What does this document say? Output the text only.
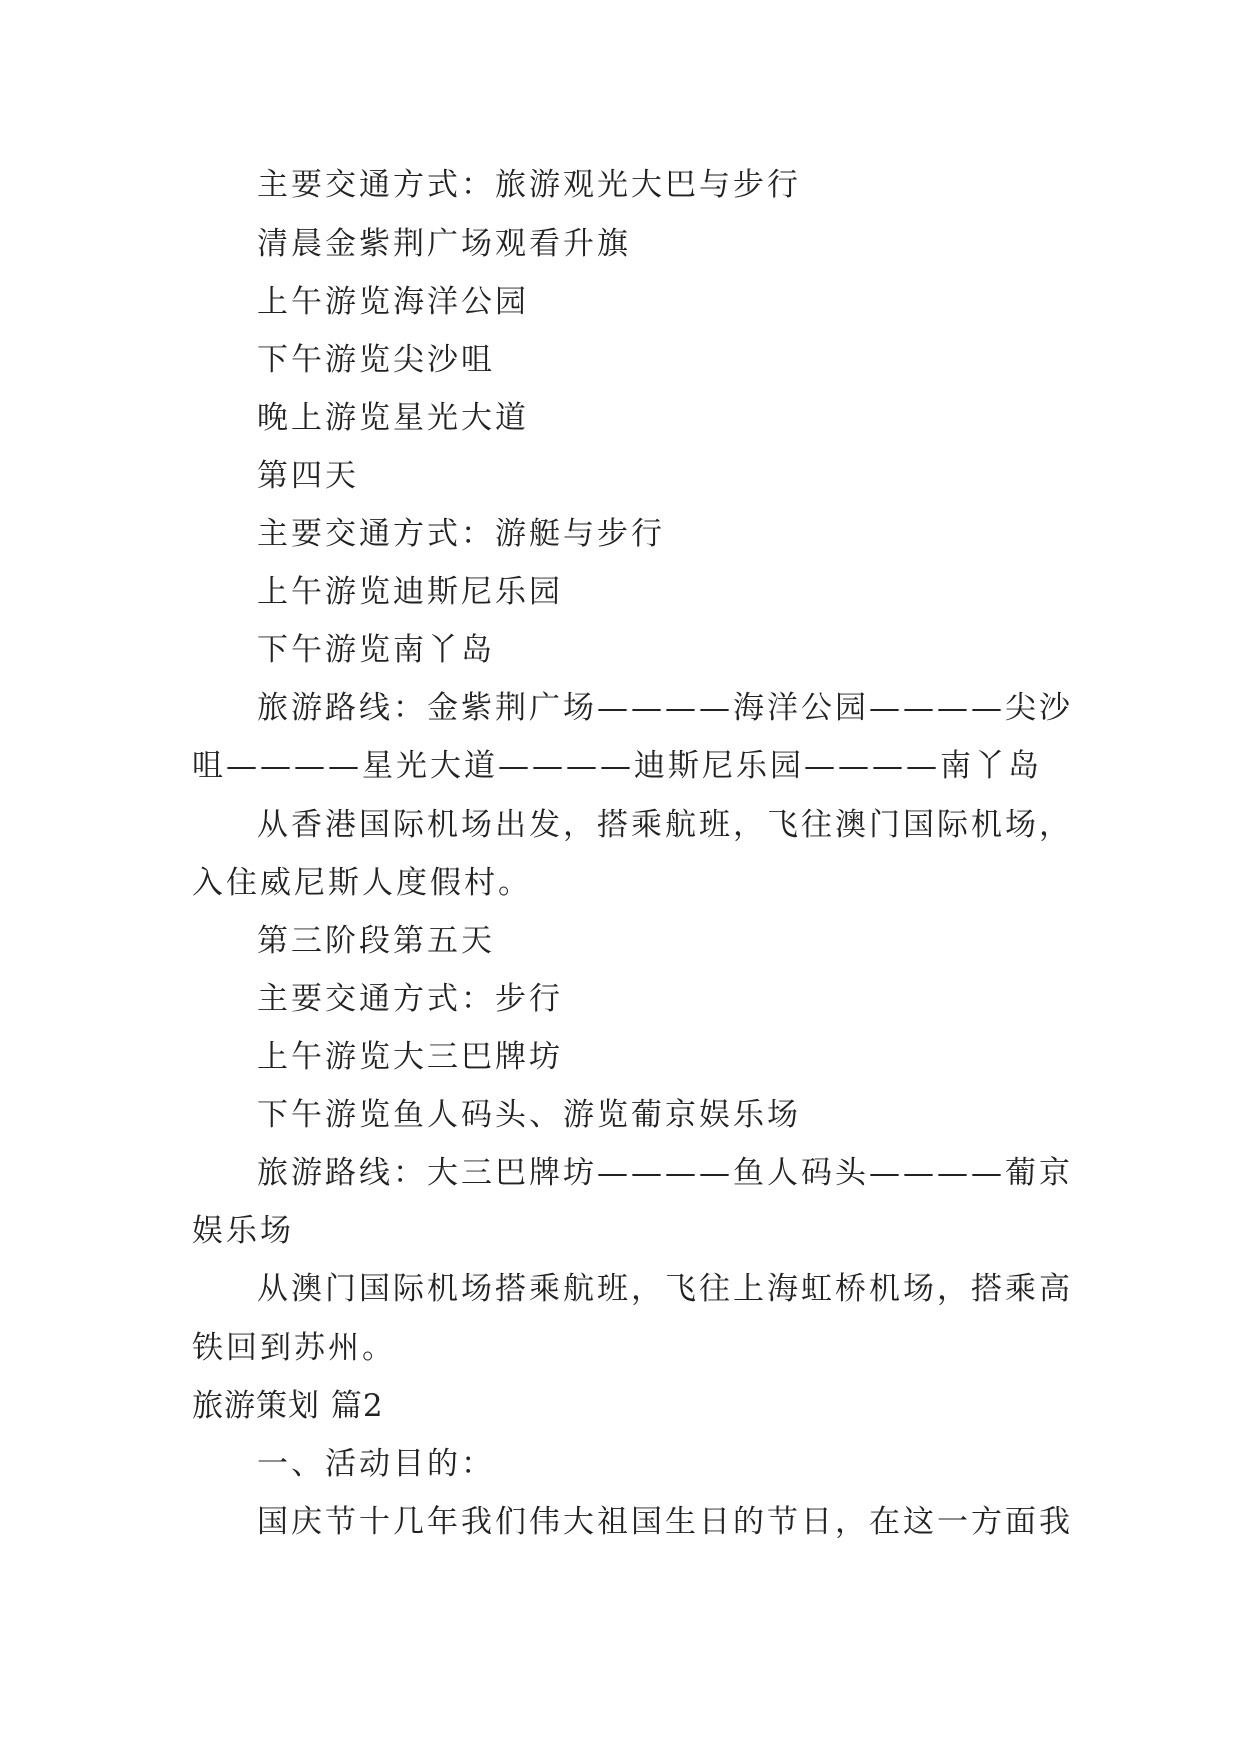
主要交通方式：旅游观光大巴与步行
清晨金紫荆广场观看升旗
上午游览海洋公园
下午游览尖沙咀
晚上游览星光大道
第四天
主要交通方式：游艇与步行
上午游览迪斯尼乐园
下午游览南丫岛
旅游路线：金紫荆广场————海洋公园————尖沙
咀————星光大道————迪斯尼乐园————南丫岛
从香港国际机场出发，搭乘航班，飞往澳门国际机场，
入住威尼斯人度假村。
第三阶段第五天
主要交通方式：步行
上午游览大三巴牌坊
下午游览鱼人码头、游览葡京娱乐场
旅游路线：大三巴牌坊————鱼人码头————葡京
娱乐场
从澳门国际机场搭乘航班，飞往上海虹桥机场，搭乘高
铁回到苏州。
旅游策划 篇2
一、活动目的：
国庆节十几年我们伟大祖国生日的节日，在这一方面我
